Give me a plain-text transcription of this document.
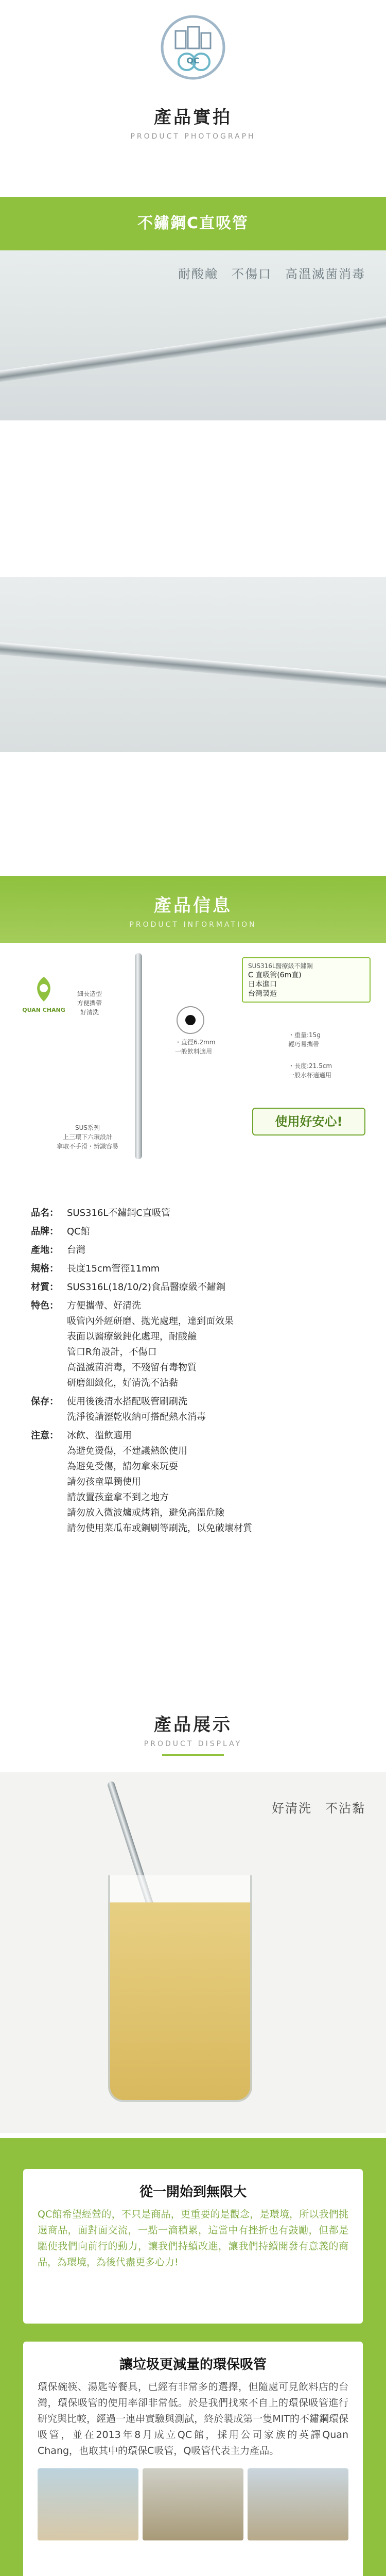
QC
產品實拍
PRODUCT PHOTOGRAPH
不鏽鋼C直吸管
耐酸鹼　不傷口　高溫滅菌消毒
產品信息
PRODUCT INFORMATION
QUAN CHANG
細長造型
方便攜帶
好清洗
SUS系列
上三環下六環設計
拿取不手滑・辨識容易
・直徑6.2mm
一般飲料適用
SUS316L醫療級不鏽鋼
C 直吸管(6m直)
日本進口
台灣製造
・重量:15g
輕巧易攜帶
・長度:21.5cm
一般水杯適適用
使用好安心!
品名： SUS316L不鏽鋼C直吸管
品牌： QC館
產地： 台灣
規格： 長度15cm管徑11mm
材質： SUS316L(18/10/2)食品醫療級不鏽鋼
特色： 方便攜帶、好清洗
吸管內外經研磨、拋光處理，達到面效果
表面以醫療級鈍化處理，耐酸鹼
管口R角設計，不傷口
高溫滅菌消毒，不殘留有毒物質
研磨細緻化，好清洗不沾黏
保存： 使用後後清水搭配吸管刷刷洗
洗淨後請瀝乾收納可搭配熱水消毒
注意： 冰飲、溫飲適用
為避免燙傷，不建議熱飲使用
為避免受傷，請勿拿來玩耍
請勿孩童單獨使用
請放置孩童拿不到之地方
請勿放入微波爐或烤箱，避免高溫危險
請勿使用菜瓜布或鋼刷等刷洗，以免破壞材質
產品展示
PRODUCT DISPLAY
好清洗　不沾黏
從一開始到無限大
QC館希望經營的，不只是商品，更重要的是觀念，是環境，所以我們挑選商品，面對面交流，一點一滴積累，這當中有挫折也有鼓勵，但都是驅使我們向前行的動力，讓我們持續改進，讓我們持續開發有意義的商品，為環境，為後代盡更多心力!
讓垃圾更減量的環保吸管
環保碗筷、湯匙等餐具，已經有非常多的選擇，但隨處可見飲料店的台灣，環保吸管的使用率卻非常低。於是我們找來不自上的環保吸管進行研究與比較，經過一連串實驗與測試，終於製成第一隻MIT的不鏽鋼環保吸管，並在2013年8月成立QC館，採用公司家族的英譯Quan Chang，也取其中的環保C吸管，Q吸管代表主力產品。
